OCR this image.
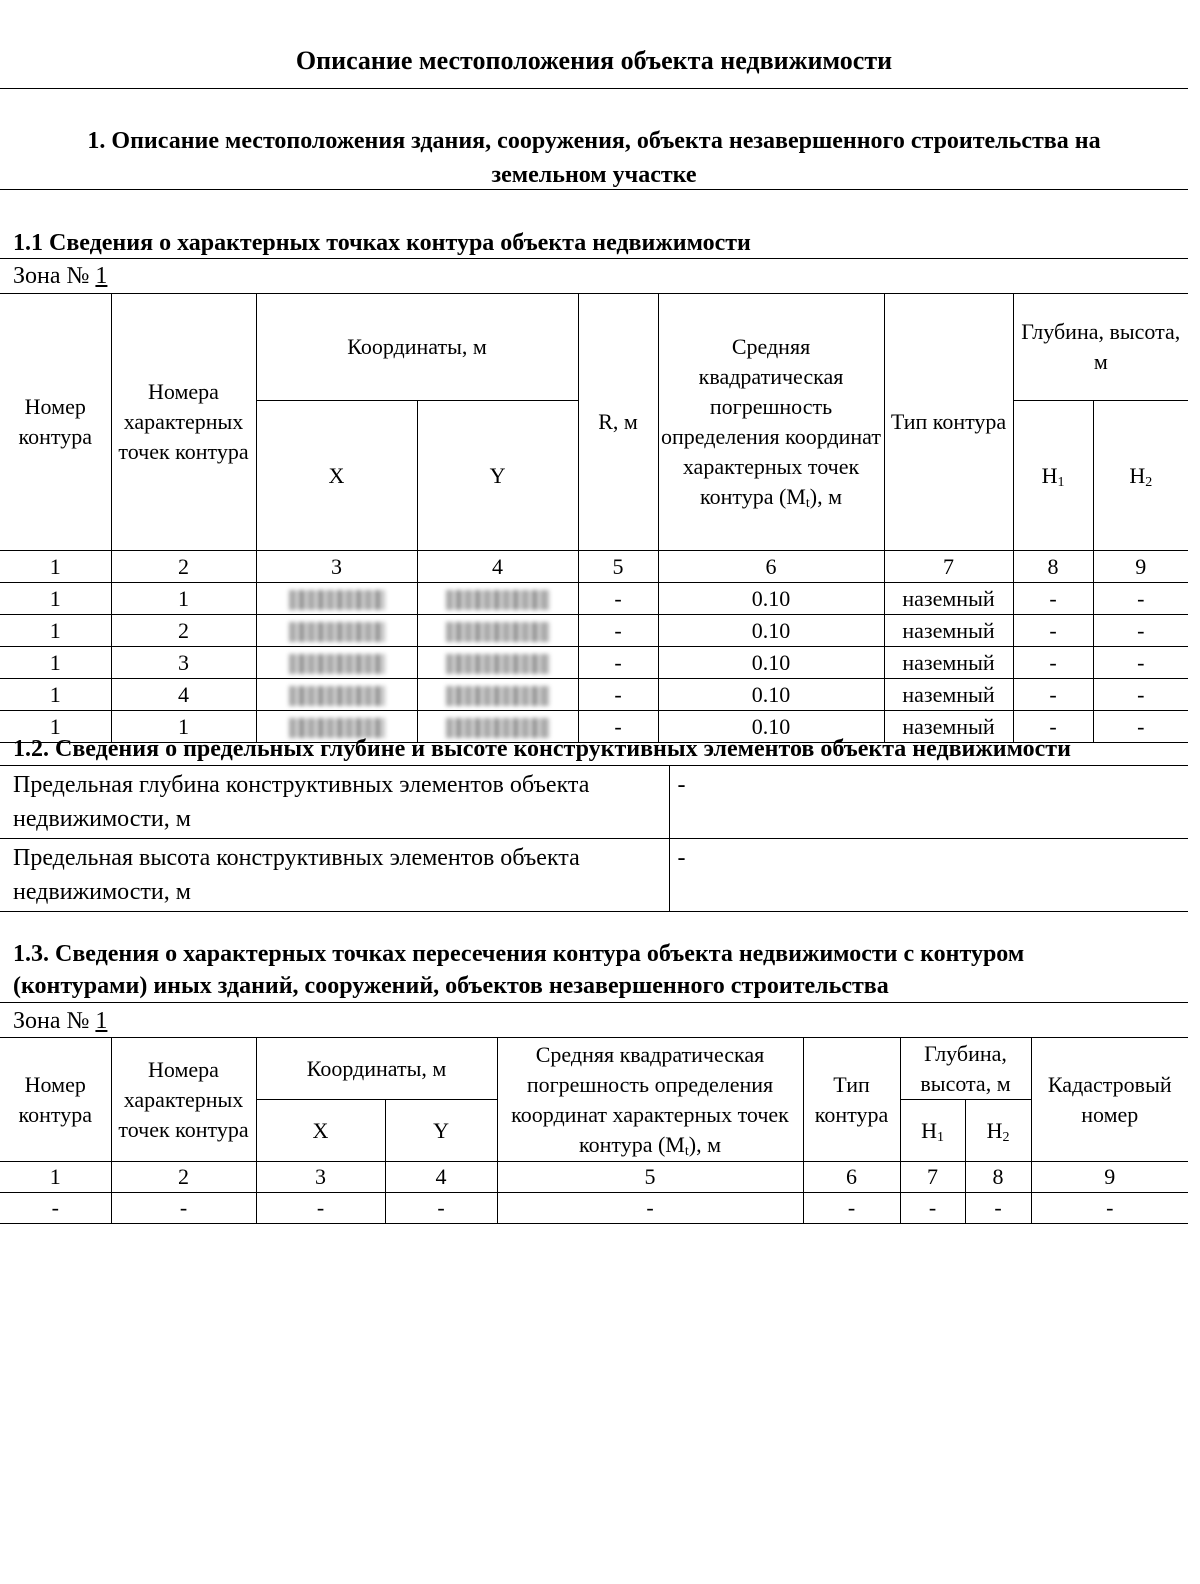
Описание местоположения объекта недвижимости
1. Описание местоположения здания, сооружения, объекта незавершенного строительства на земельном участке
1.1 Сведения о характерных точках контура объекта недвижимости
Зона № 1
Номер контура	Номера характерных точек контура	Координаты, м		R, м	Средняя квадратическая погрешность определения координат характерных точек контура $(M_t)$, м	Тип контура	Глубина, высота, м	
		X	Y				$H_1$	$H_2$
1	2	3	4	5	6	7	8	9
1	1			-	0.10	наземный	-	-
1	2			-	0.10	наземный	-	-
1	3			-	0.10	наземный	-	-
1	4			-	0.10	наземный	-	-
1	1			-	0.10	наземный	-	-
1.2. Сведения о предельных глубине и высоте конструктивных элементов объекта недвижимости
Предельная глубина конструктивных элементов объекта недвижимости, м	-
Предельная высота конструктивных элементов объекта недвижимости, м	-
1.3. Сведения о характерных точках пересечения контура объекта недвижимости с контуром
(контурами) иных зданий, сооружений, объектов незавершенного строительства
Зона № 1
Номер контура	Номера характерных точек контура	Координаты, м		Средняя квадратическая погрешность определения координат характерных точек контура $(M_t)$, м	Тип контура	Глубина, высота, м		Кадастровый номер
		X	Y			$H_1$	$H_2$
1	2	3	4	5	6	7	8	9
-	-	-	-	-	-	-	-	-
